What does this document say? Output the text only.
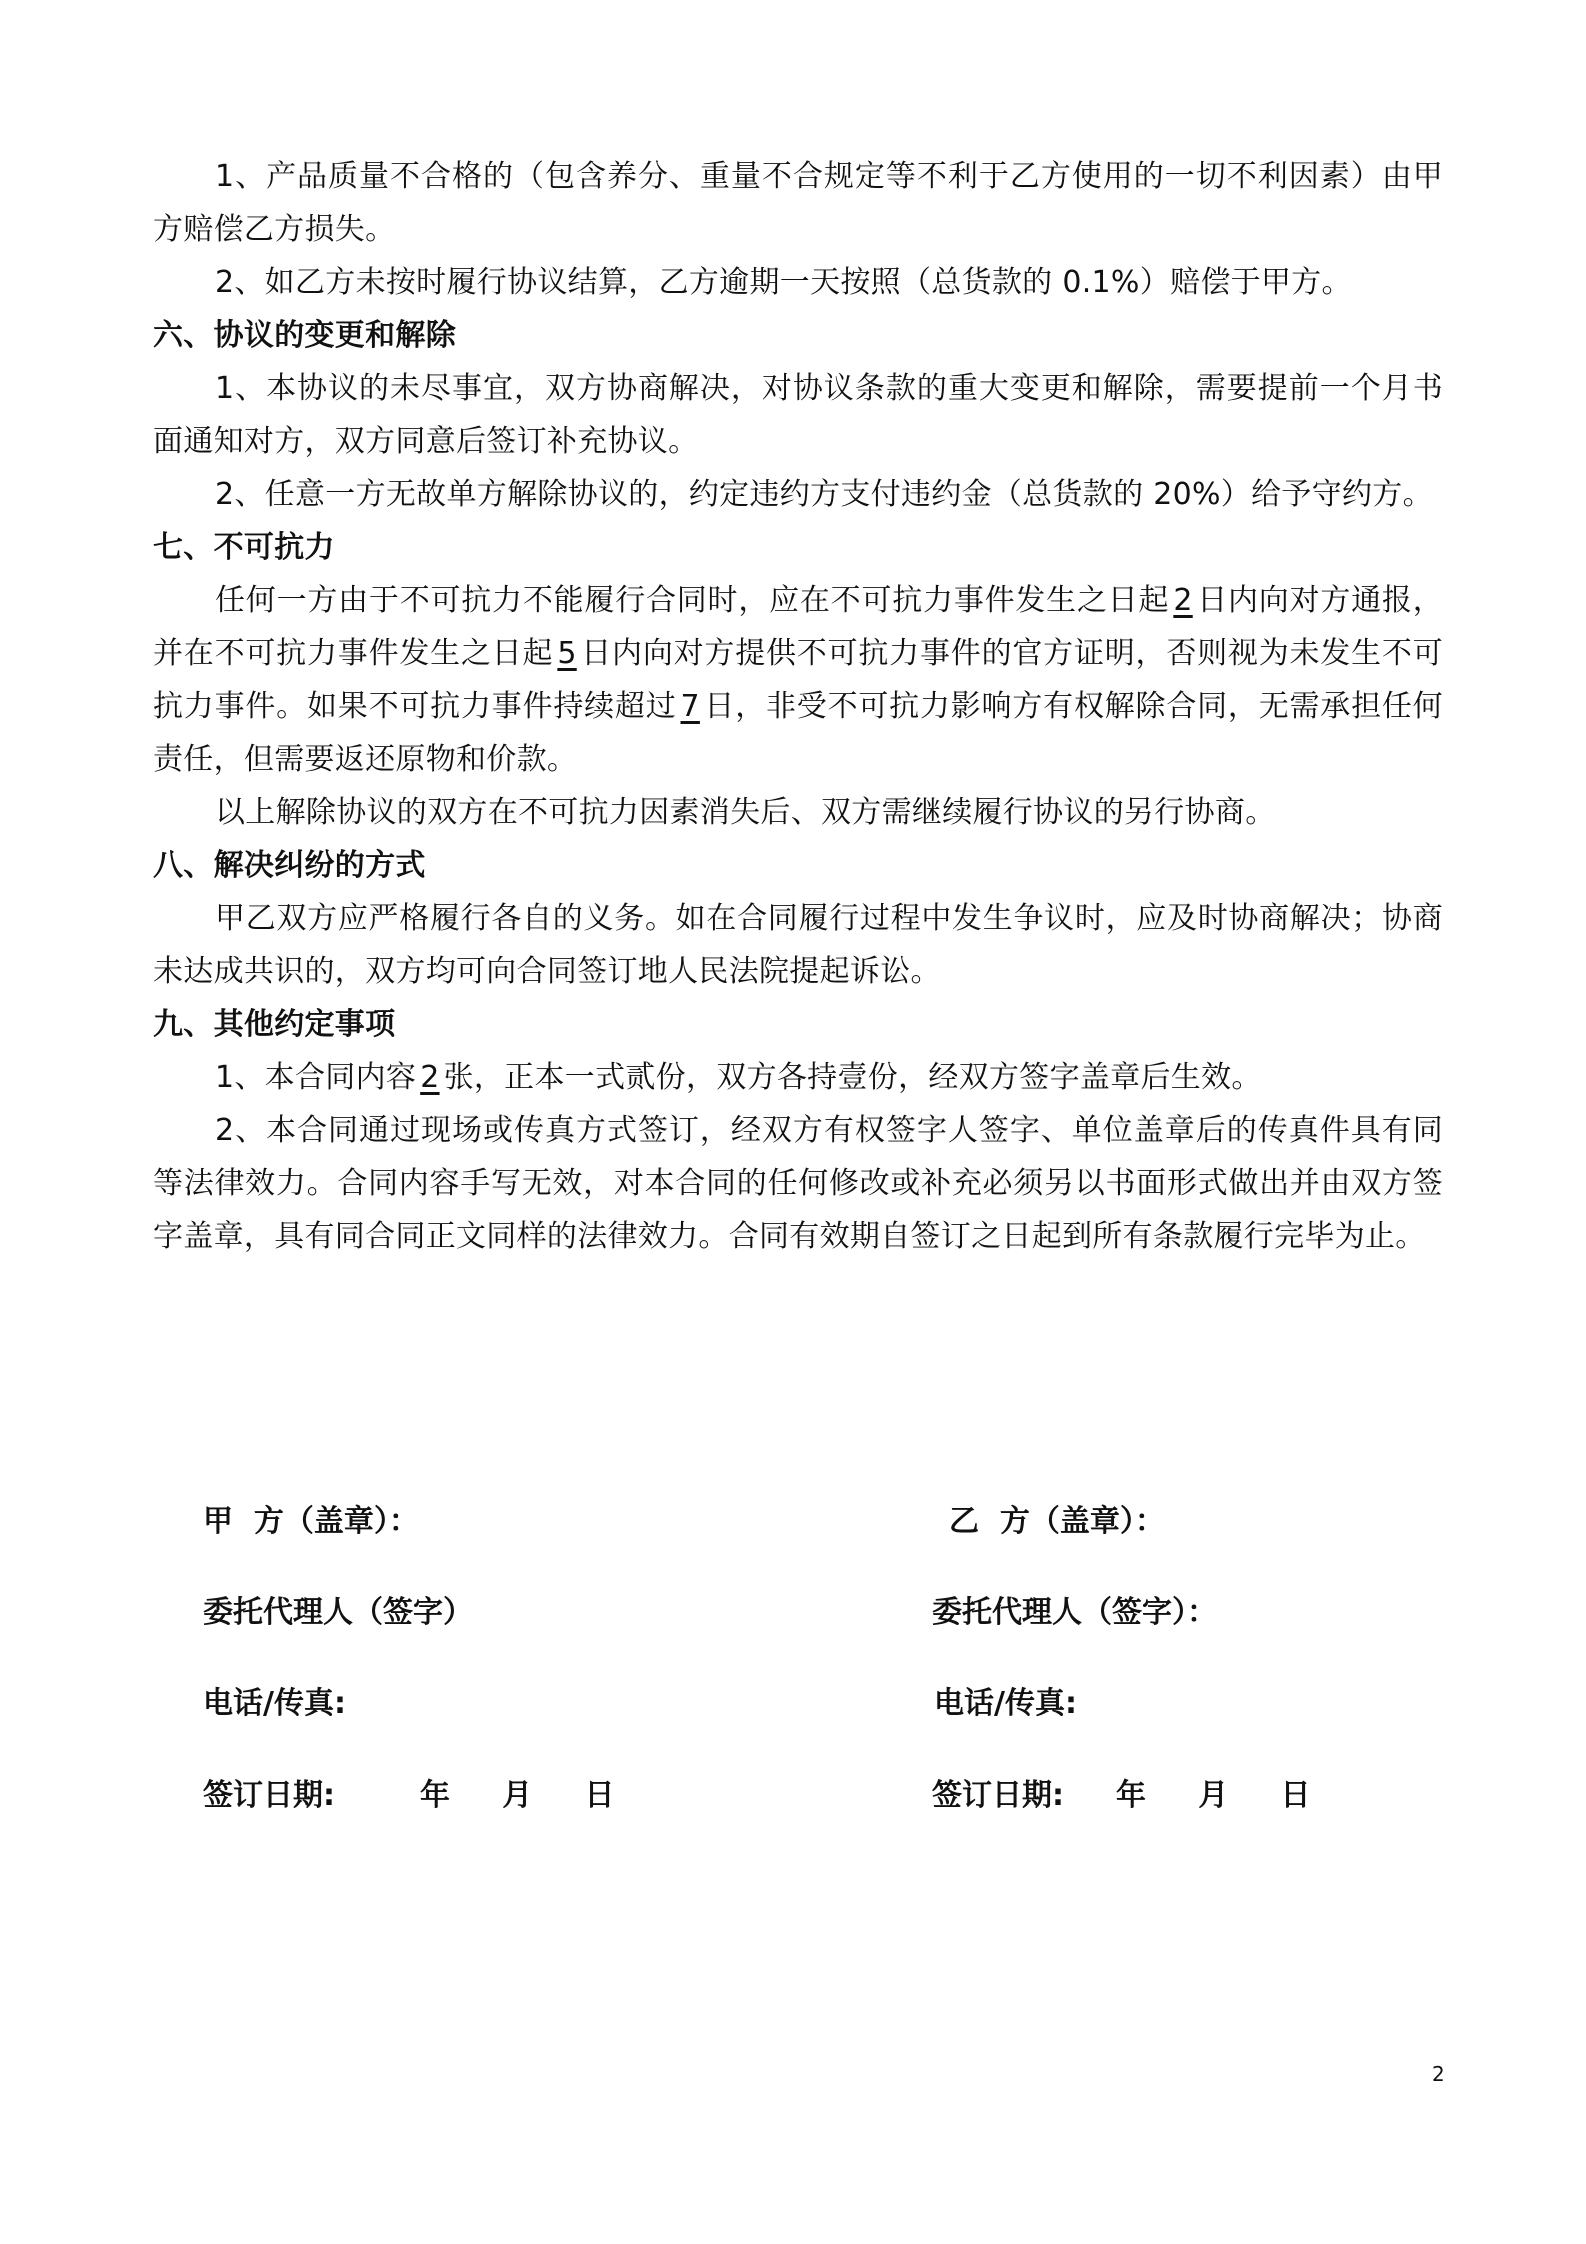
1、产品质量不合格的（包含养分、重量不合规定等不利于乙方使用的一切不利因素）由甲方赔偿乙方损失。

2、如乙方未按时履行协议结算，乙方逾期一天按照（总货款的 0.1%）赔偿于甲方。

六、协议的变更和解除

1、本协议的未尽事宜，双方协商解决，对协议条款的重大变更和解除，需要提前一个月书面通知对方，双方同意后签订补充协议。

2、任意一方无故单方解除协议的，约定违约方支付违约金（总货款的 20%）给予守约方。

七、不可抗力

任何一方由于不可抗力不能履行合同时，应在不可抗力事件发生之日起 2 日内向对方通报，并在不可抗力事件发生之日起 5 日内向对方提供不可抗力事件的官方证明，否则视为未发生不可抗力事件。如果不可抗力事件持续超过 7 日，非受不可抗力影响方有权解除合同，无需承担任何责任，但需要返还原物和价款。

以上解除协议的双方在不可抗力因素消失后、双方需继续履行协议的另行协商。

八、解决纠纷的方式

甲乙双方应严格履行各自的义务。如在合同履行过程中发生争议时，应及时协商解决；协商未达成共识的，双方均可向合同签订地人民法院提起诉讼。

九、其他约定事项

1、本合同内容 2 张，正本一式贰份，双方各持壹份，经双方签字盖章后生效。

2、本合同通过现场或传真方式签订，经双方有权签字人签字、单位盖章后的传真件具有同等法律效力。合同内容手写无效，对本合同的任何修改或补充必须另以书面形式做出并由双方签字盖章，具有同合同正文同样的法律效力。合同有效期自签订之日起到所有条款履行完毕为止。

甲  方（盖章）：	乙  方（盖章）：
委托代理人（签字）	委托代理人（签字）：
电话/传真:	电话/传真:
签订日期:	年     月     日	签订日期: 年     月     日
2
